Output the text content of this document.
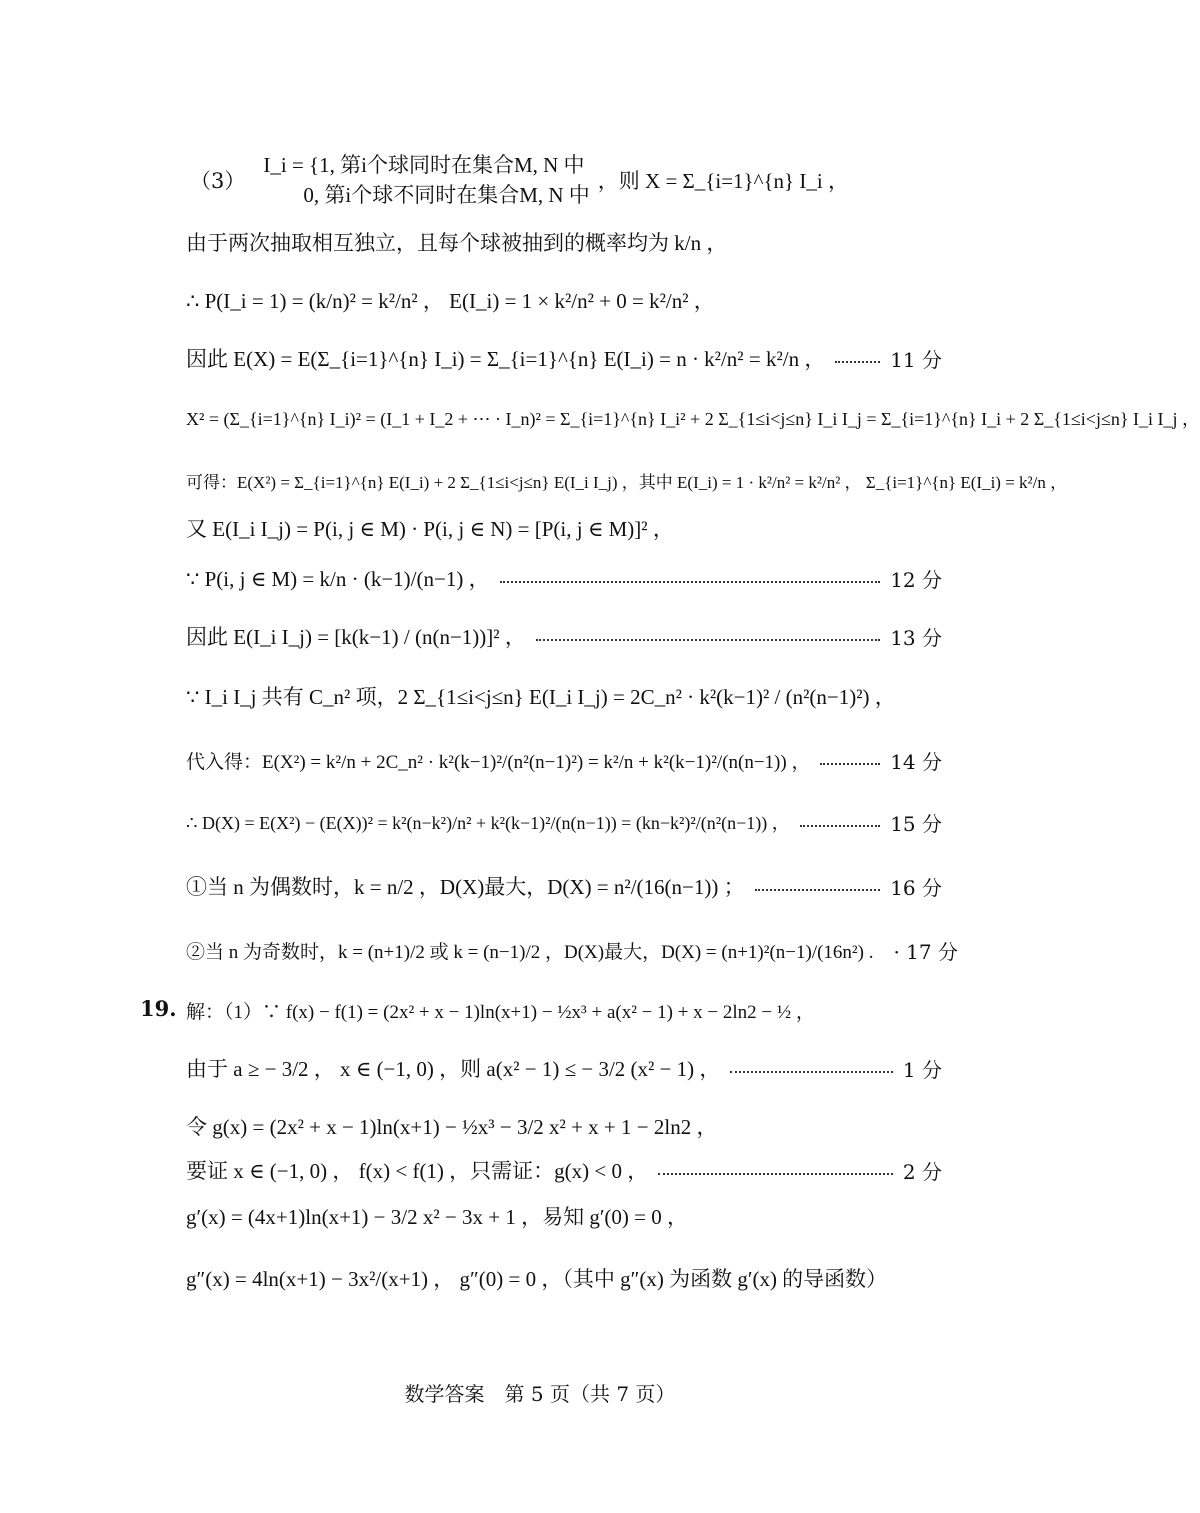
（3）
I_i = {1, 第i个球同时在集合M, N 中
0, 第i个球不同时在集合M, N 中
，则 X = Σ_{i=1}^{n} I_i ，
由于两次抽取相互独立，且每个球被抽到的概率均为 k/n ，
∴ P(I_i = 1) = (k/n)² = k²/n² ， E(I_i) = 1 × k²/n² + 0 = k²/n² ，
因此 E(X) = E(Σ_{i=1}^{n} I_i) = Σ_{i=1}^{n} E(I_i) = n · k²/n² = k²/n ，	11 分
X² = (Σ_{i=1}^{n} I_i)² = (I_1 + I_2 + ⋯ · I_n)² = Σ_{i=1}^{n} I_i² + 2 Σ_{1≤i<j≤n} I_i I_j = Σ_{i=1}^{n} I_i + 2 Σ_{1≤i<j≤n} I_i I_j ，
可得：E(X²) = Σ_{i=1}^{n} E(I_i) + 2 Σ_{1≤i<j≤n} E(I_i I_j) ，其中 E(I_i) = 1 · k²/n² = k²/n² ， Σ_{i=1}^{n} E(I_i) = k²/n ，
又 E(I_i I_j) = P(i, j ∈ M) · P(i, j ∈ N) = [P(i, j ∈ M)]² ，
∵ P(i, j ∈ M) = k/n · (k−1)/(n−1) ，	12 分
因此 E(I_i I_j) = [k(k−1) / (n(n−1))]² ，	13 分
∵ I_i I_j 共有 C_n² 项，2 Σ_{1≤i<j≤n} E(I_i I_j) = 2C_n² · k²(k−1)² / (n²(n−1)²) ，
代入得：E(X²) = k²/n + 2C_n² · k²(k−1)²/(n²(n−1)²) = k²/n + k²(k−1)²/(n(n−1)) ，	14 分
∴ D(X) = E(X²) − (E(X))² = k²(n−k²)/n² + k²(k−1)²/(n(n−1)) = (kn−k²)²/(n²(n−1)) ，	15 分
①当 n 为偶数时，k = n/2 ，D(X)最大，D(X) = n²/(16(n−1)) ；	16 分
②当 n 为奇数时，k = (n+1)/2 或 k = (n−1)/2 ，D(X)最大，D(X) = (n+1)²(n−1)/(16n²) . · 17 分
19. 解：（1）∵ f(x) − f(1) = (2x² + x − 1)ln(x+1) − ½x³ + a(x² − 1) + x − 2ln2 − ½ ，
由于 a ≥ − 3/2 ， x ∈ (−1, 0) ，则 a(x² − 1) ≤ − 3/2 (x² − 1) ，	1 分
令 g(x) = (2x² + x − 1)ln(x+1) − ½x³ − 3/2 x² + x + 1 − 2ln2 ，
要证 x ∈ (−1, 0) ， f(x) < f(1) ，只需证：g(x) < 0 ，	2 分
g′(x) = (4x+1)ln(x+1) − 3/2 x² − 3x + 1 ，易知 g′(0) = 0 ，
g″(x) = 4ln(x+1) − 3x²/(x+1) ， g″(0) = 0 ，（其中 g″(x) 为函数 g′(x) 的导函数）
数学答案　第 5 页（共 7 页）
